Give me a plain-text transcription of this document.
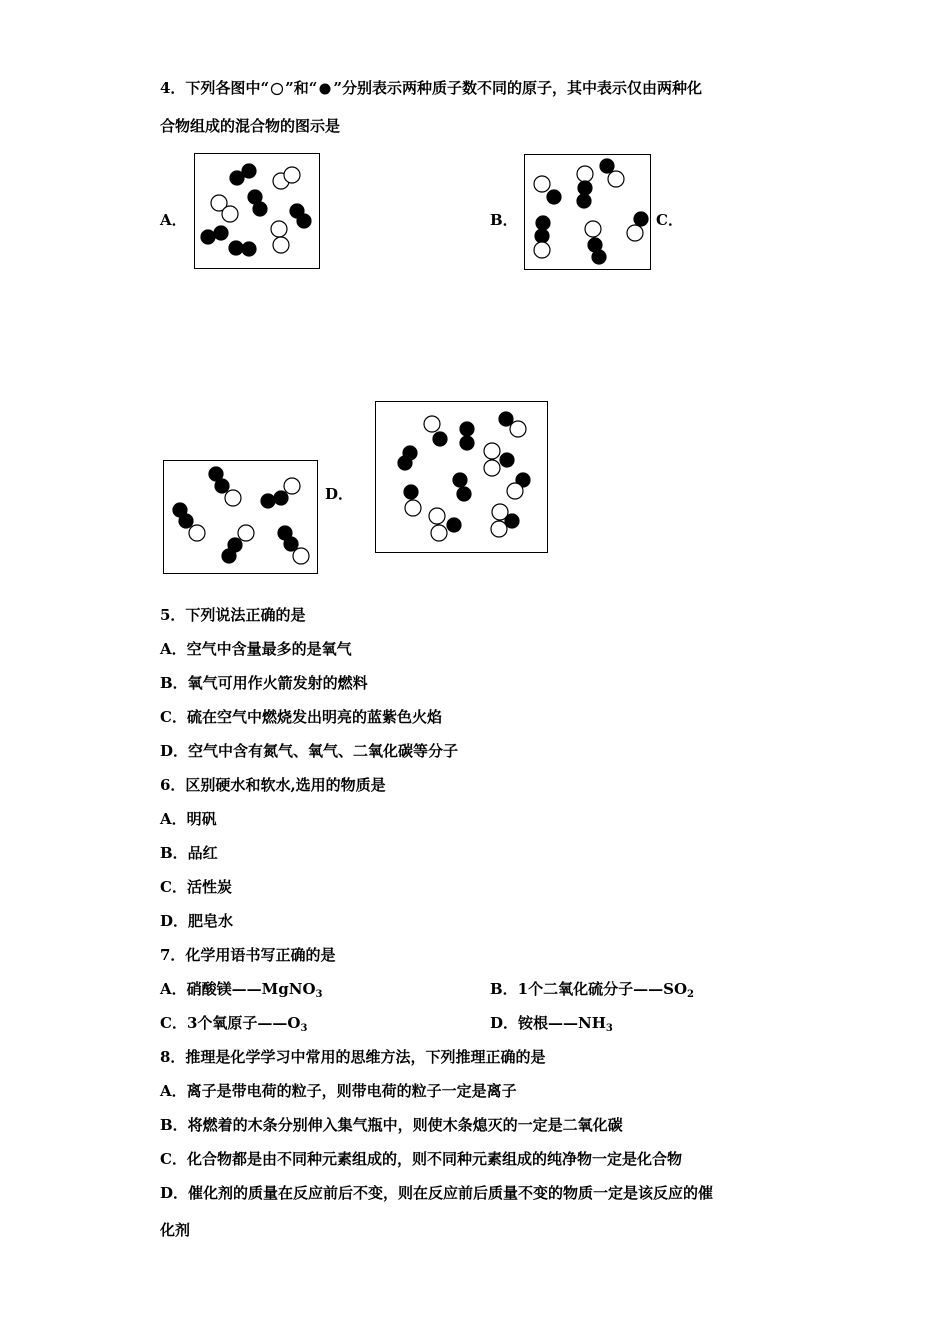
4．下列各图中“ ”和“ ”分别表示两种质子数不同的原子，其中表示仅由两种化
合物组成的混合物的图示是
A．	B．	C．
D．
5．下列说法正确的是
A．空气中含量最多的是氧气
B．氧气可用作火箭发射的燃料
C．硫在空气中燃烧发出明亮的蓝紫色火焰
D．空气中含有氮气、氧气、二氧化碳等分子
6．区别硬水和软水,选用的物质是
A．明矾
B．品红
C．活性炭
D．肥皂水
7．化学用语书写正确的是
A．硝酸镁——MgNO$_3$	B．1个二氧化硫分子$——SO_2$
C．3个氧原子$——O_3$	D．铵根$——NH_3$
8．推理是化学学习中常用的思维方法，下列推理正确的是
A．离子是带电荷的粒子，则带电荷的粒子一定是离子
B．将燃着的木条分别伸入集气瓶中，则使木条熄灭的一定是二氧化碳
C．化合物都是由不同种元素组成的，则不同种元素组成的纯净物一定是化合物
D．催化剂的质量在反应前后不变，则在反应前后质量不变的物质一定是该反应的催
化剂
